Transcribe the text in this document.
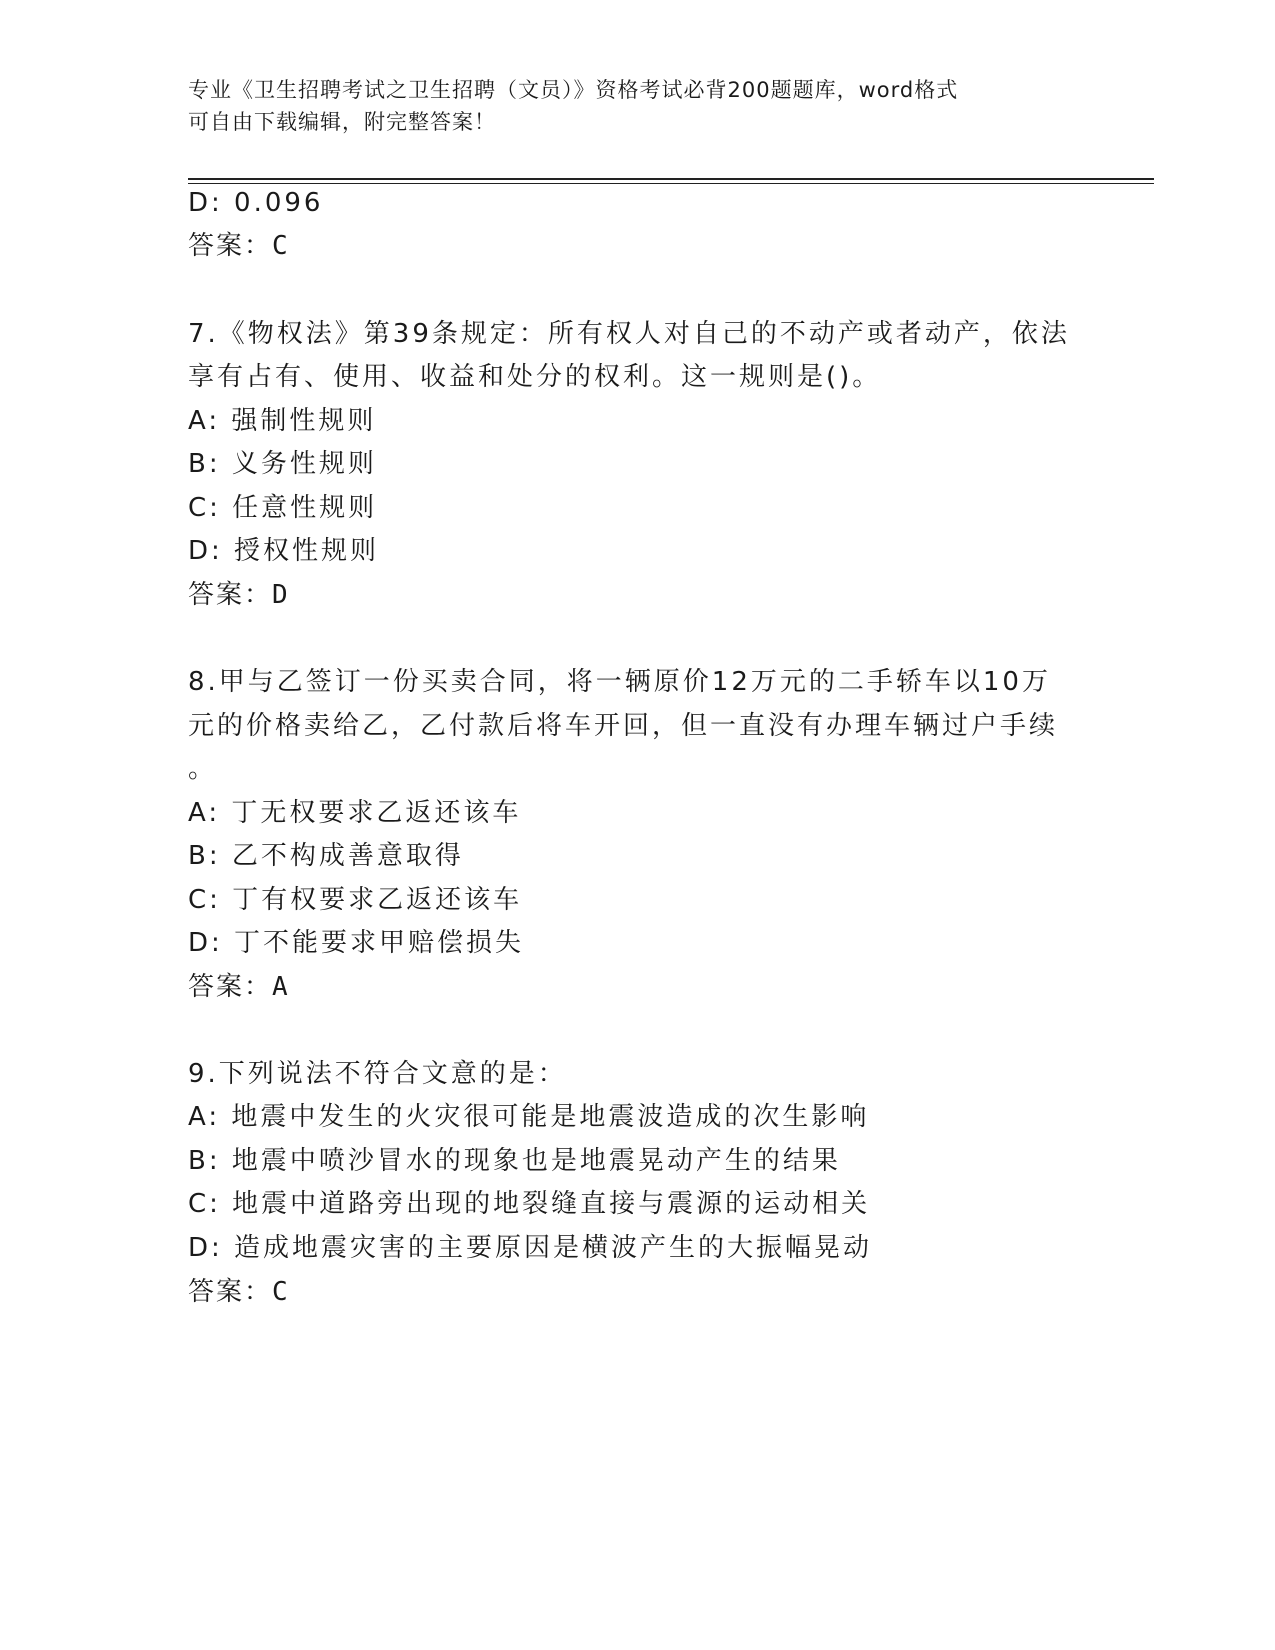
专业《卫生招聘考试之卫生招聘（文员）》资格考试必背200题题库，word格式
可自由下载编辑，附完整答案！
D: 0.096
答案：C
7.《物权法》第39条规定：所有权人对自己的不动产或者动产，依法
享有占有、使用、收益和处分的权利。这一规则是()。
A: 强制性规则
B: 义务性规则
C: 任意性规则
D: 授权性规则
答案：D
8.甲与乙签订一份买卖合同，将一辆原价12万元的二手轿车以10万
元的价格卖给乙，乙付款后将车开回，但一直没有办理车辆过户手续
。
A: 丁无权要求乙返还该车
B: 乙不构成善意取得
C: 丁有权要求乙返还该车
D: 丁不能要求甲赔偿损失
答案：A
9.下列说法不符合文意的是：
A: 地震中发生的火灾很可能是地震波造成的次生影响
B: 地震中喷沙冒水的现象也是地震晃动产生的结果
C: 地震中道路旁出现的地裂缝直接与震源的运动相关
D: 造成地震灾害的主要原因是横波产生的大振幅晃动
答案：C
